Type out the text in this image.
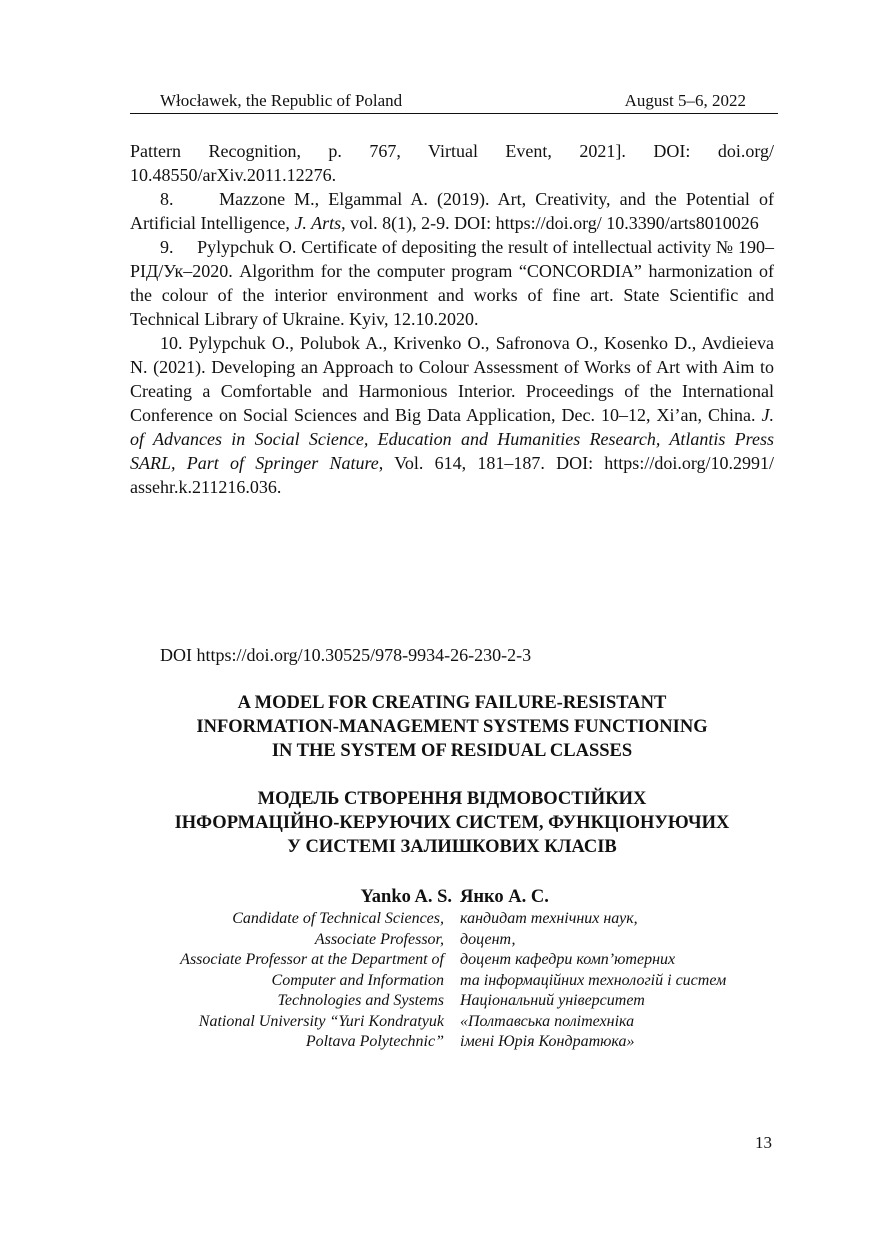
Włocławek, the Republic of Poland	August 5–6, 2022

Pattern Recognition, p. 767, Virtual Event, 2021]. DOI: doi.org/

10.48550/arXiv.2011.12276.

8.	Mazzone M., Elgammal A. (2019). Art, Creativity, and the Potential of Artificial Intelligence, J. Arts, vol. 8(1), 2-9. DOI: https://doi.org/ 10.3390/arts8010026

9. Pylypchuk O. Certificate of depositing the result of intellectual activity № 190–РІД/Ук–2020. Algorithm for the computer program “CONCORDIA” harmonization of the colour of the interior environment and works of fine art. State Scientific and Technical Library of Ukraine. Kyiv, 12.10.2020.

10. Pylypchuk O., Polubok A., Krivenko O., Safronova O., Kosenko D., Avdieieva N. (2021). Developing an Approach to Colour Assessment of Works of Art with Aim to Creating a Comfortable and Harmonious Interior. Proceedings of the International Conference on Social Sciences and Big Data Application, Dec. 10–12, Xi’an, China. J. of Advances in Social Science, Education and Humanities Research, Atlantis Press SARL, Part of Springer Nature, Vol. 614, 181–187. DOI: https://doi.org/10.2991/ assehr.k.211216.036.

DOI https://doi.org/10.30525/978-9934-26-230-2-3
A MODEL FOR CREATING FAILURE-RESISTANT
INFORMATION-MANAGEMENT SYSTEMS FUNCTIONING
IN THE SYSTEM OF RESIDUAL CLASSES
МОДЕЛЬ СТВОРЕННЯ ВІДМОВОСТІЙКИХ
ІНФОРМАЦІЙНО-КЕРУЮЧИХ СИСТЕМ, ФУНКЦІОНУЮЧИХ
У СИСТЕМІ ЗАЛИШКОВИХ КЛАСІВ
Yanko A. S.
Candidate of Technical Sciences,
Associate Professor,
Associate Professor at the Department of
Computer and Information
Technologies and Systems
National University “Yuri Kondratyuk
Poltava Polytechnic”
Янко А. С.
кандидат технічних наук,
доцент,
доцент кафедри комп’ютерних
та інформаційних технологій і систем
Національний університет
«Полтавська політехніка
імені Юрія Кондратюка»
13
